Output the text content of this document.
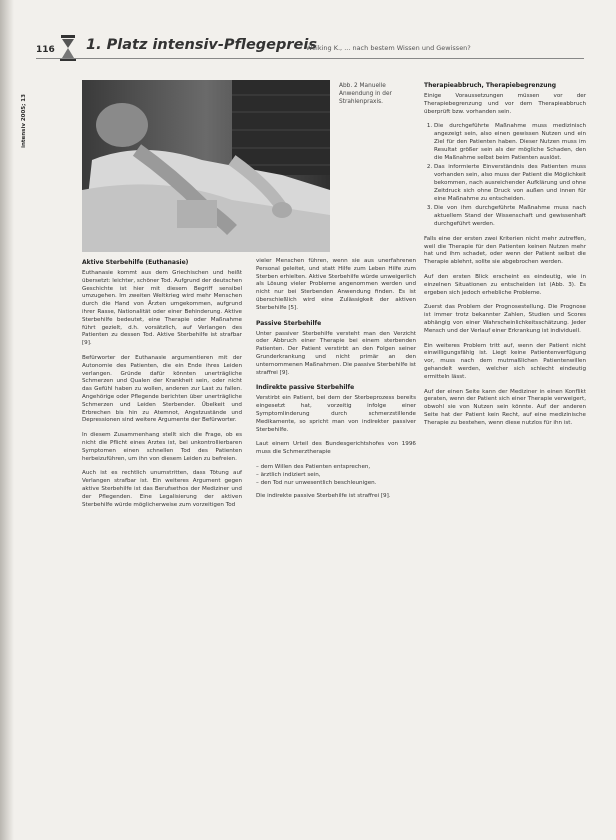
116 1. Platz intensiv-Pflegepreis
Weiking K., ... nach bestem Wissen und Gewissen?
intensiv 2005; 13
Abb. 2 Manuelle Anwendung in der Strahlenpraxis.
Aktive Sterbehilfe (Euthanasie)

Euthanasie kommt aus dem Griechischen und heißt übersetzt: leichter, schöner Tod. Aufgrund der deutschen Geschichte ist hier mit diesem Begriff sensibel umzugehen. Im zweiten Weltkrieg wird mehr Menschen durch die Hand von Ärzten umgekommen, aufgrund ihrer Rasse, Nationalität oder einer Behinderung. Aktive Sterbehilfe bedeutet, eine Therapie oder Maßnahme führt gezielt, d.h. vorsätzlich, auf Verlangen des Patienten zu dessen Tod. Aktive Sterbehilfe ist strafbar [9].

Befürworter der Euthanasie argumentieren mit der Autonomie des Patienten, die ein Ende ihres Leiden verlangen. Gründe dafür könnten unerträgliche Schmerzen und Qualen der Krankheit sein, oder nicht das Gefühl haben zu wollen, anderen zur Last zu fallen. Angehörige oder Pflegende berichten über unerträgliche Schmerzen und Leiden Sterbender. Übelkeit und Erbrechen bis hin zu Atemnot, Angstzustände und Depressionen sind weitere Argumente der Befürworter.

In diesem Zusammenhang stellt sich die Frage, ob es nicht die Pflicht eines Arztes ist, bei unkontrollierbaren Symptomen einen schnellen Tod des Patienten herbeizuführen, um ihn von diesem Leiden zu befreien.

Auch ist es rechtlich unumstritten, dass Tötung auf Verlangen strafbar ist. Ein weiteres Argument gegen aktive Sterbehilfe ist das Berufsethos der Mediziner und der Pflegenden. Eine Legalisierung der aktiven Sterbehilfe würde möglicherweise zum vorzeitigen Tod

vieler Menschen führen, wenn sie aus unerfahrenen Personal geleitet, und statt Hilfe zum Leben Hilfe zum Sterben erhielten. Aktive Sterbehilfe würde unweigerlich als Lösung vieler Probleme angenommen werden und nicht nur bei Sterbenden Anwendung finden. Es ist überschießlich wird eine Zulässigkeit der aktiven Sterbehilfe [5].

Passive Sterbehilfe

Unter passiver Sterbehilfe versteht man den Verzicht oder Abbruch einer Therapie bei einem sterbenden Patienten. Der Patient verstirbt an den Folgen seiner Grunderkrankung und nicht primär an den unternommenen Maßnahmen. Die passive Sterbehilfe ist straffrei [9].

Indirekte passive Sterbehilfe

Verstirbt ein Patient, bei dem der Sterbeprozess bereits eingesetzt hat, vorzeitig infolge einer Symptomlinderung durch schmerzstillende Medikamente, so spricht man von indirekter passiver Sterbehilfe.

Laut einem Urteil des Bundesgerichtshofes von 1996 muss die Schmerztherapie

– dem Willen des Patienten entsprechen,
– ärztlich indiziert sein,
– den Tod nur unwesentlich beschleunigen.

Die indirekte passive Sterbehilfe ist straffrei [9].

Therapieabbruch, Therapiebegrenzung

Einige Voraussetzungen müssen vor der Therapiebegrenzung und vor dem Therapieabbruch überprüft bzw. vorhanden sein.

1. Die durchgeführte Maßnahme muss medizinisch angezeigt sein, also einen gewissen Nutzen und ein Ziel für den Patienten haben. Dieser Nutzen muss im Resultat größer sein als der mögliche Schaden, den die Maßnahme selbst beim Patienten auslöst.
2. Das informierte Einverständnis des Patienten muss vorhanden sein, also muss der Patient die Möglichkeit bekommen, nach ausreichender Aufklärung und ohne Zeitdruck sich ohne Druck von außen und innen für eine Maßnahme zu entscheiden.
3. Die von ihm durchgeführte Maßnahme muss nach aktuellem Stand der Wissenschaft und gewissenhaft durchgeführt werden.

Falls eine der ersten zwei Kriterien nicht mehr zutreffen, weil die Therapie für den Patienten keinen Nutzen mehr hat und ihm schadet, oder wenn der Patient selbst die Therapie ablehnt, sollte sie abgebrochen werden.

Auf den ersten Blick erscheint es eindeutig, wie in einzelnen Situationen zu entscheiden ist (Abb. 3). Es ergeben sich jedoch erhebliche Probleme.

Zuerst das Problem der Prognosestellung. Die Prognose ist immer trotz bekannter Zahlen, Studien und Scores abhängig von einer Wahrscheinlichkeitsschätzung. Jeder Mensch und der Verlauf einer Erkrankung ist individuell.

Ein weiteres Problem tritt auf, wenn der Patient nicht einwilligungsfähig ist. Liegt keine Patientenverfügung vor, muss nach dem mutmaßlichen Patientenwillen gehandelt werden, welcher sich schlecht eindeutig ermitteln lässt.

Auf der einen Seite kann der Mediziner in einen Konflikt geraten, wenn der Patient sich einer Therapie verweigert, obwohl sie von Nutzen sein könnte. Auf der anderen Seite hat der Patient kein Recht, auf eine medizinische Therapie zu bestehen, wenn diese nutzlos für ihn ist.
